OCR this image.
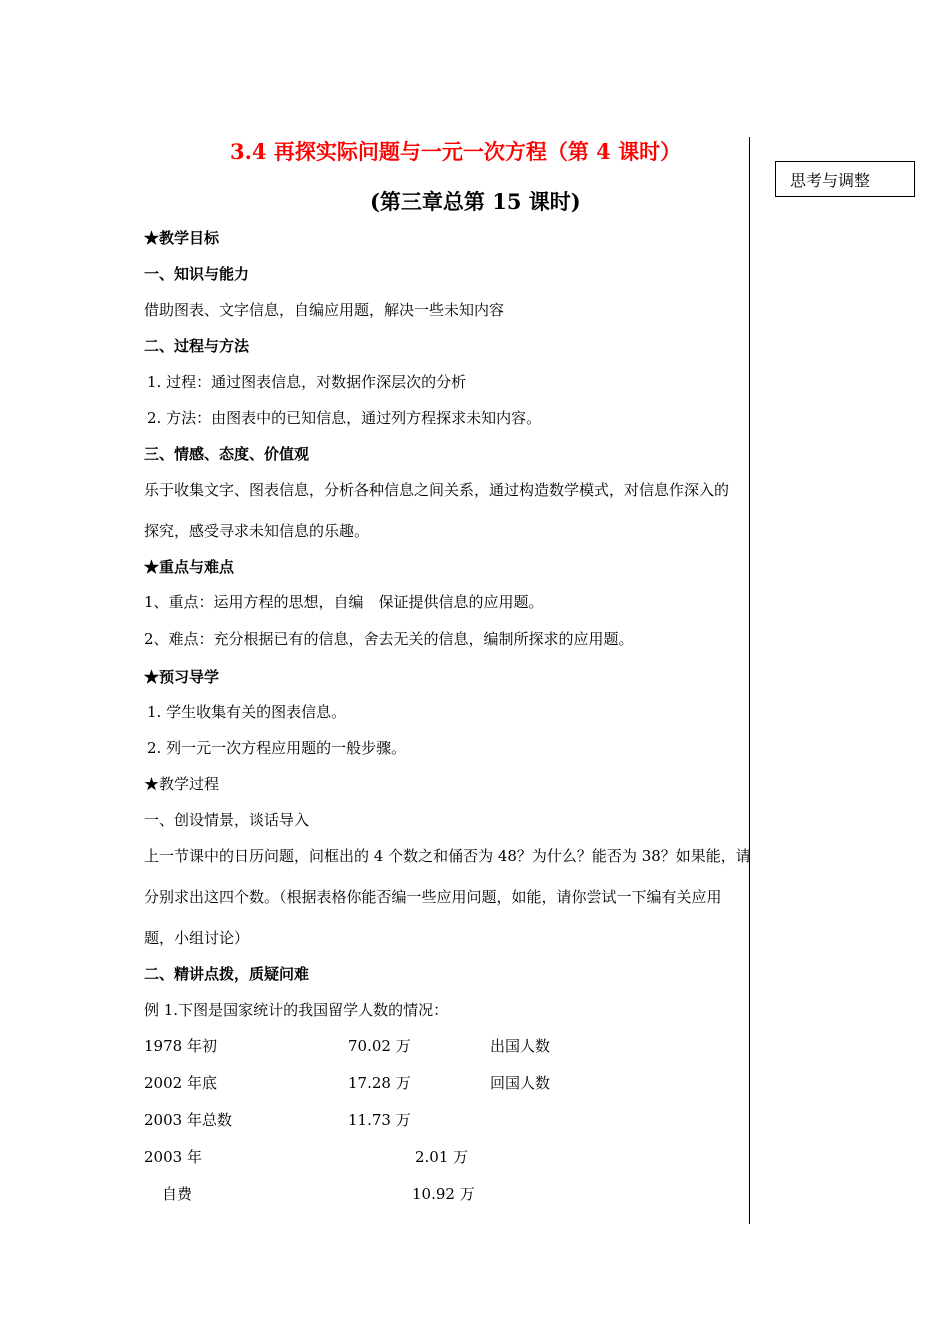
3.4 再探实际问题与一元一次方程（第 4 课时）
(第三章总第 15 课时)
思考与调整
★教学目标
一、知识与能力
借助图表、文字信息，自编应用题，解决一些未知内容
二、过程与方法
1. 过程：通过图表信息，对数据作深层次的分析
2. 方法：由图表中的已知信息，通过列方程探求未知内容。
三、情感、态度、价值观
乐于收集文字、图表信息，分析各种信息之间关系，通过构造数学模式，对信息作深入的
探究，感受寻求未知信息的乐趣。
★重点与难点
1、重点：运用方程的思想，自编　保证提供信息的应用题。
2、难点：充分根据已有的信息，舍去无关的信息，编制所探求的应用题。
★预习导学
1. 学生收集有关的图表信息。
2. 列一元一次方程应用题的一般步骤。
★教学过程
一、创设情景，谈话导入
上一节课中的日历问题，问框出的 4 个数之和俑否为 48？为什么？能否为 38？如果能，请
分别求出这四个数。（根据表格你能否编一些应用问题，如能，请你尝试一下编有关应用
题，小组讨论）
二、精讲点拨，质疑问难
例 1.下图是国家统计的我国留学人数的情况：
1978 年初	70.02 万	出国人数
2002 年底	17.28 万	回国人数
2003 年总数	11.73 万
2003 年	2.01 万
自费	10.92 万
